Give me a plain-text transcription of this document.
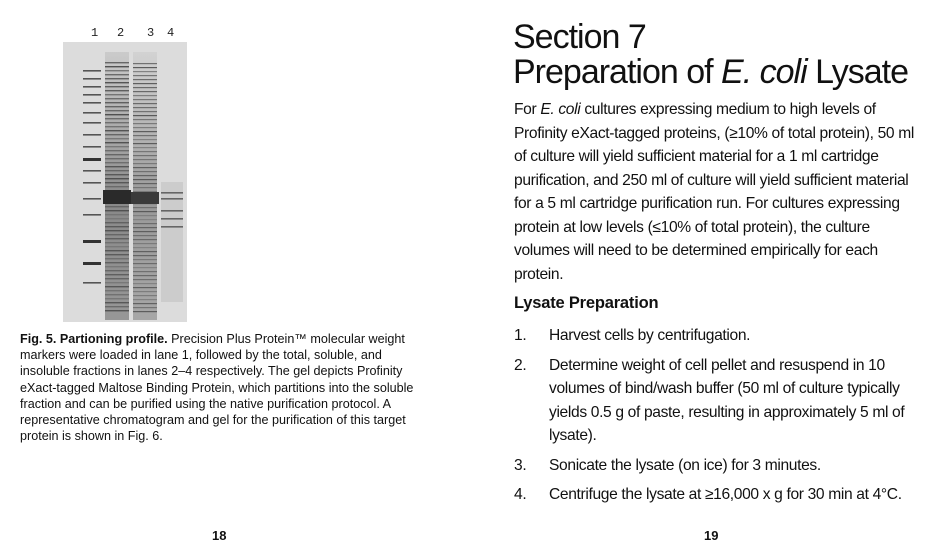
1 2 3 4
Fig. 5. Partioning profile. Precision Plus Protein™ molecular weight markers were loaded in lane 1, followed by the total, soluble, and insoluble fractions in lanes 2–4 respectively. The gel depicts Profinity eXact-tagged Maltose Binding Protein, which partitions into the soluble fraction and can be purified using the native purification protocol. A representative chromatogram and gel for the purification of this target protein is shown in Fig. 6.
18
Section 7
Preparation of E. coli Lysate

For E. coli cultures expressing medium to high levels of Profinity eXact-tagged proteins, (≥10% of total protein), 50 ml of culture will yield sufficient material for a 1 ml cartridge purification, and 250 ml of culture will yield sufficient material for a 5 ml cartridge purification run. For cultures expressing protein at low levels (≤10% of total protein), the culture volumes will need to be determined empirically for each protein.

Lysate Preparation
1. Harvest cells by centrifugation.
2. Determine weight of cell pellet and resuspend in 10 volumes of bind/wash buffer (50 ml of culture typically yields 0.5 g of paste, resulting in approximately 5 ml of lysate).
3. Sonicate the lysate (on ice) for 3 minutes.
4. Centrifuge the lysate at ≥16,000 x g for 30 min at 4°C.
19
